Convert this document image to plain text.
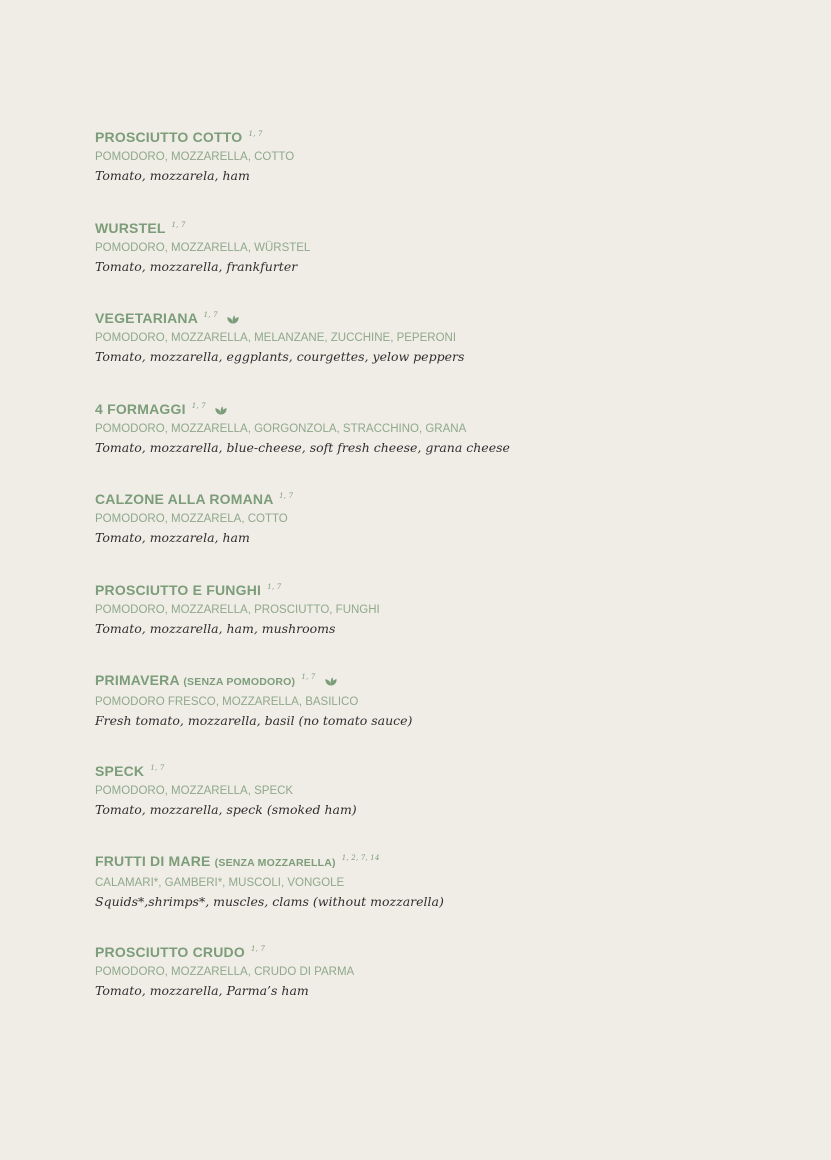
PROSCIUTTO COTTO $^{1, 7}$
POMODORO, MOZZARELLA, COTTO
Tomato, mozzarela, ham
WURSTEL $^{1, 7}$
POMODORO, MOZZARELLA, WÜRSTEL
Tomato, mozzarella, frankfurter
VEGETARIANA $^{1, 7}$
POMODORO, MOZZARELLA, MELANZANE, ZUCCHINE, PEPERONI
Tomato, mozzarella, eggplants, courgettes, yelow peppers
4 FORMAGGI $^{1, 7}$
POMODORO, MOZZARELLA, GORGONZOLA, STRACCHINO, GRANA
Tomato, mozzarella, blue-cheese, soft fresh cheese, grana cheese
CALZONE ALLA ROMANA $^{1, 7}$
POMODORO, MOZZARELA, COTTO
Tomato, mozzarela, ham
PROSCIUTTO E FUNGHI $^{1, 7}$
POMODORO, MOZZARELLA, PROSCIUTTO, FUNGHI
Tomato, mozzarella, ham, mushrooms
PRIMAVERA (SENZA POMODORO) $^{1, 7}$
POMODORO FRESCO, MOZZARELLA, BASILICO
Fresh tomato, mozzarella, basil (no tomato sauce)
SPECK $^{1, 7}$
POMODORO, MOZZARELLA, SPECK
Tomato, mozzarella, speck (smoked ham)
FRUTTI DI MARE (SENZA MOZZARELLA) $^{1, 2, 7, 14}$
CALAMARI*, GAMBERI*, MUSCOLI, VONGOLE
Squids*,shrimps*, muscles, clams (without mozzarella)
PROSCIUTTO CRUDO $^{1, 7}$
POMODORO, MOZZARELLA, CRUDO DI PARMA
Tomato, mozzarella, Parma’s ham
